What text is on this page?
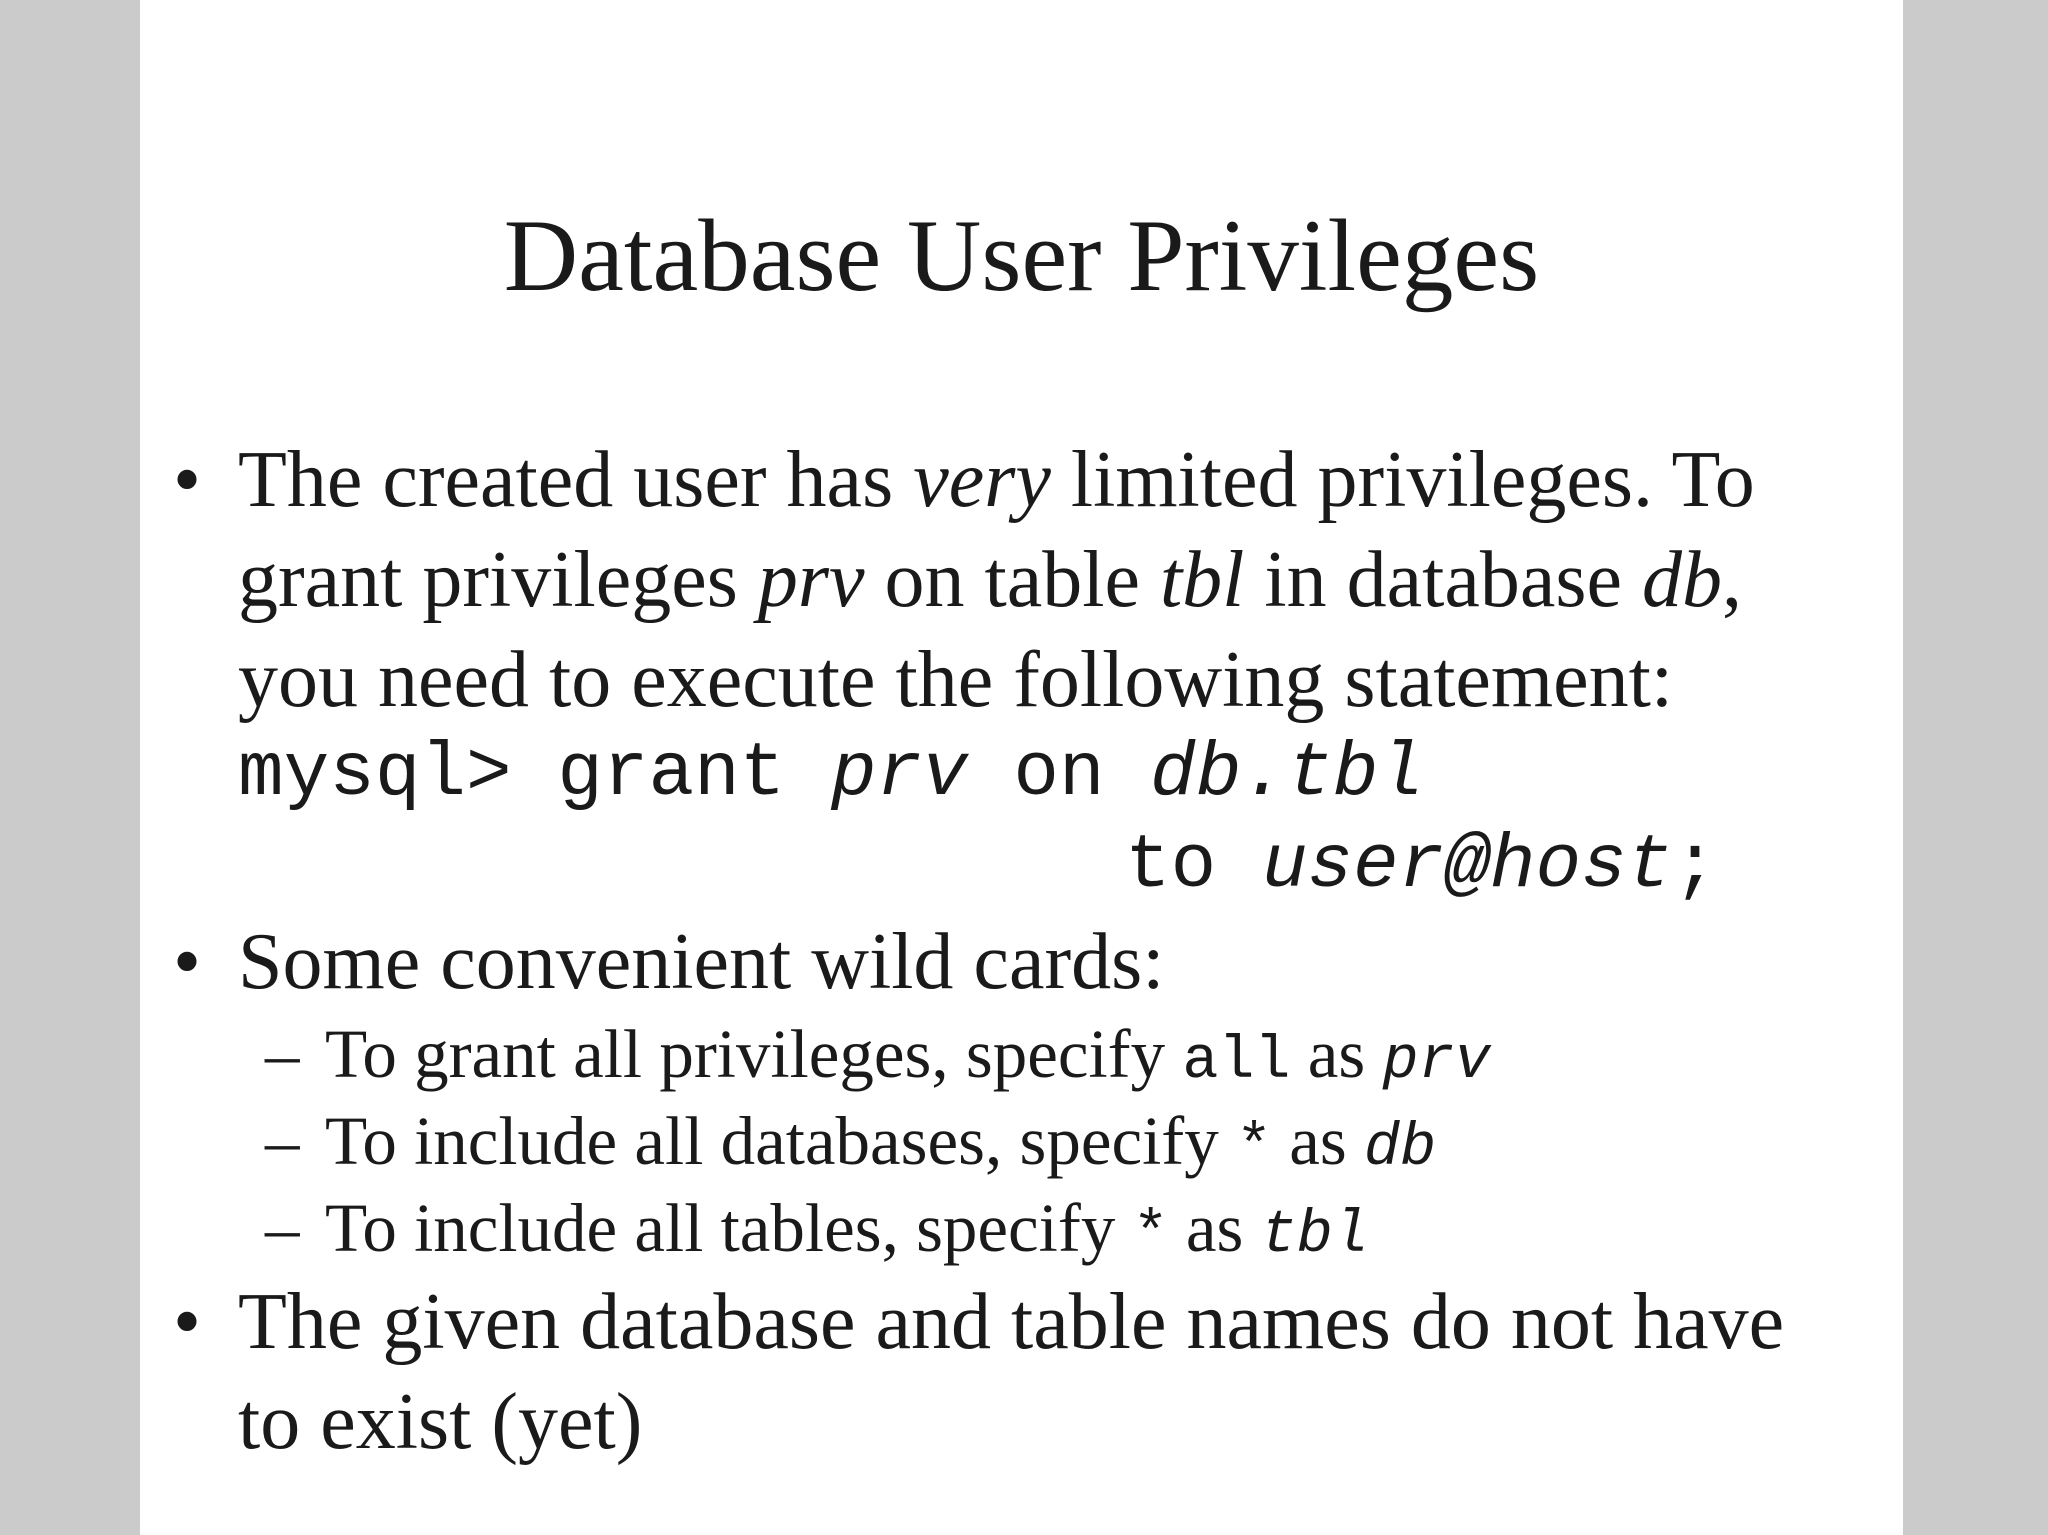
Database User Privileges
• The created user has very limited privileges. To
grant privileges prv on table tbl in database db,
you need to execute the following statement:
mysql> grant prv on db.tbl
to user@host;
• Some convenient wild cards:
– To grant all privileges, specify all as prv
– To include all databases, specify * as db
– To include all tables, specify * as tbl
• The given database and table names do not have
to exist (yet)
